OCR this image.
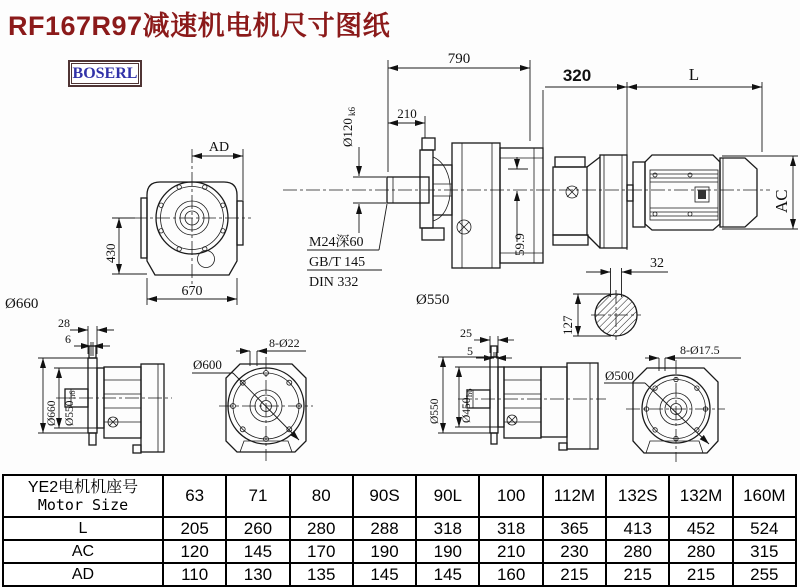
RF167R97减速机电机尺寸图纸
BOSERL
790
210
Ø120
k6
320	L
59.9
AC
M24深60
GB/T 145
DIN 332
AD
430
670
Ø660	Ø550
28
6
Ø660 Ø550
h6
Ø600
8-Ø22
25
5
Ø550 Ø450
h6
32
127
Ø500
8-Ø17.5
YE2电机机座号
Motor Size	63	71	80	90S	90L	100	112M	132S	132M	160M
L	205	260	280	288	318	318	365	413	452	524
AC	120	145	170	190	190	210	230	280	280	315
AD	110	130	135	145	145	160	215	215	215	255
